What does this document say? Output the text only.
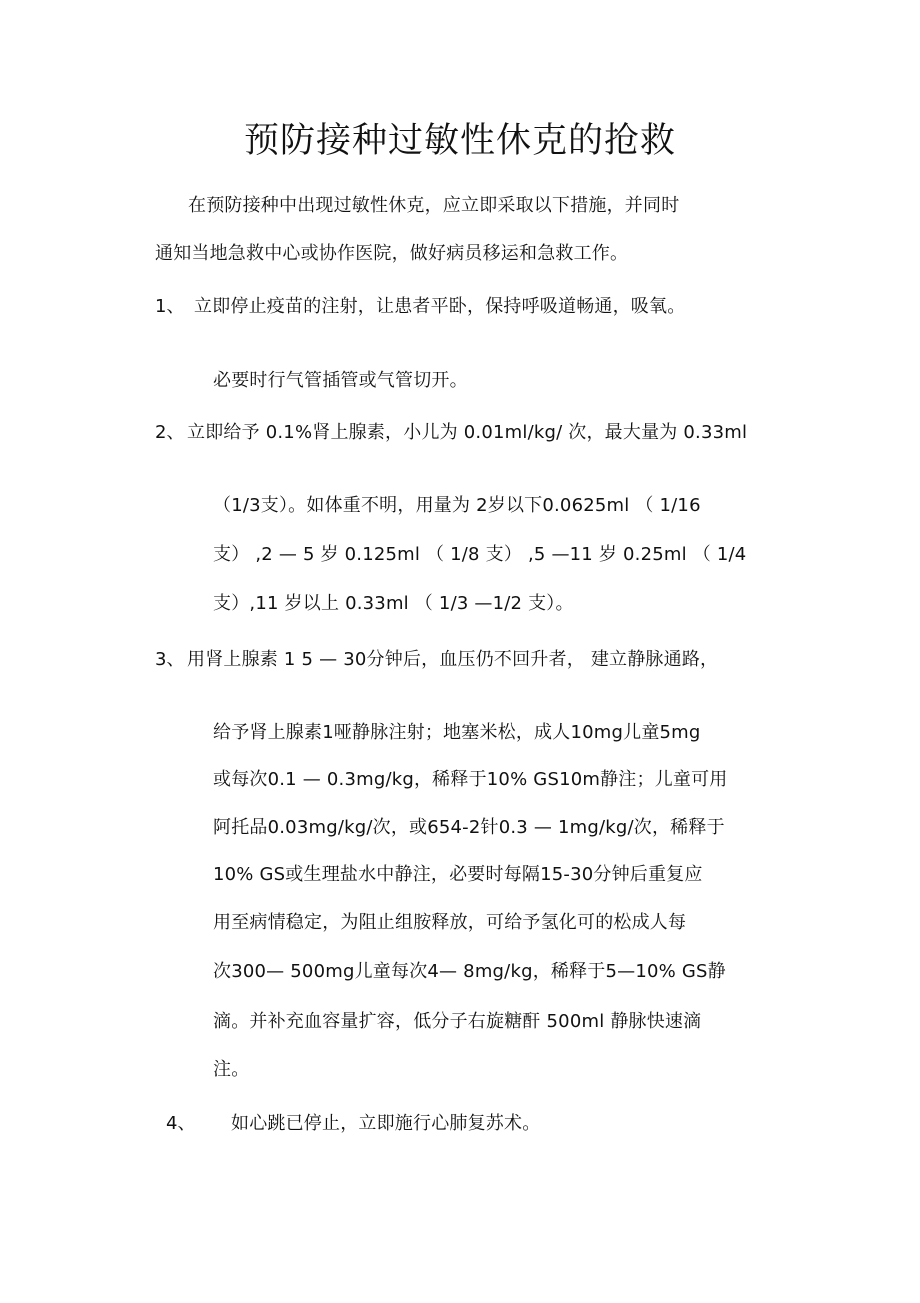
预防接种过敏性休克的抢救
在预防接种中出现过敏性休克，应立即采取以下措施，并同时
通知当地急救中心或协作医院，做好病员移运和急救工作。
1、 立即停止疫苗的注射，让患者平卧，保持呼吸道畅通，吸氧。
必要时行气管插管或气管切开。
2、 立即给予 0.1%肾上腺素，小儿为 0.01ml/kg/ 次，最大量为 0.33ml
（1/3支）。如体重不明，用量为 2岁以下0.0625ml （ 1/16
支） ,2 — 5 岁 0.125ml （ 1/8 支） ,5 —11 岁 0.25ml （ 1/4
支）,11 岁以上 0.33ml （ 1/3 —1/2 支）。
3、 用肾上腺素 1 5 — 30分钟后，血压仍不回升者， 建立静脉通路，
给予肾上腺素1哑静脉注射；地塞米松，成人10mg儿童5mg
或每次0.1 — 0.3mg/kg，稀释于10% GS10m静注；儿童可用
阿托品0.03mg/kg/次，或654-2针0.3 — 1mg/kg/次，稀释于
10% GS或生理盐水中静注，必要时每隔15-30分钟后重复应
用至病情稳定，为阻止组胺释放，可给予氢化可的松成人每
次300— 500mg儿童每次4— 8mg/kg，稀释于5—10% GS静
滴。并补充血容量扩容，低分子右旋糖酐 500ml 静脉快速滴
注。
4、 如心跳已停止，立即施行心肺复苏术。
